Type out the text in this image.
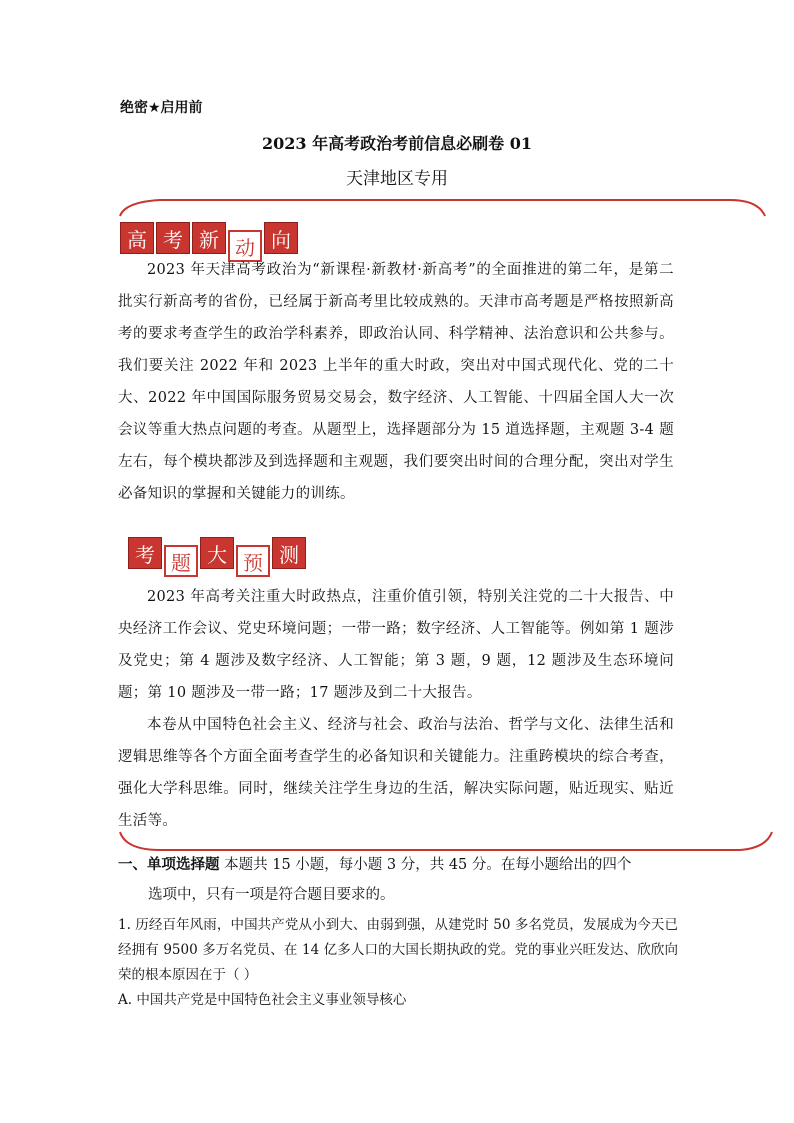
绝密★启用前
2023 年高考政治考前信息必刷卷 01
天津地区专用
高 考 新 动 向

2023 年天津高考政治为“新课程·新教材·新高考”的全面推进的第二年，是第二批实行新高考的省份，已经属于新高考里比较成熟的。天津市高考题是严格按照新高考的要求考查学生的政治学科素养，即政治认同、科学精神、法治意识和公共参与。我们要关注 2022 年和 2023 上半年的重大时政，突出对中国式现代化、党的二十大、2022 年中国国际服务贸易交易会，数字经济、人工智能、十四届全国人大一次会议等重大热点问题的考查。从题型上，选择题部分为 15 道选择题，主观题 3-4 题左右，每个模块都涉及到选择题和主观题，我们要突出时间的合理分配，突出对学生必备知识的掌握和关键能力的训练。

考 题 大 预 测

2023 年高考关注重大时政热点，注重价值引领，特别关注党的二十大报告、中央经济工作会议、党史环境问题；一带一路；数字经济、人工智能等。例如第 1 题涉及党史；第 4 题涉及数字经济、人工智能；第 3 题，9 题，12 题涉及生态环境问题；第 10 题涉及一带一路；17 题涉及到二十大报告。

本卷从中国特色社会主义、经济与社会、政治与法治、哲学与文化、法律生活和逻辑思维等各个方面全面考查学生的必备知识和关键能力。注重跨模块的综合考查，强化大学科思维。同时，继续关注学生身边的生活，解决实际问题，贴近现实、贴近生活等。

一、单项选择题 本题共 15 小题，每小题 3 分，共 45 分。在每小题给出的四个
选项中，只有一项是符合题目要求的。

1. 历经百年风雨，中国共产党从小到大、由弱到强，从建党时 50 多名党员，发展成为今天已经拥有 9500 多万名党员、在 14 亿多人口的大国长期执政的党。党的事业兴旺发达、欣欣向荣的根本原因在于（ ）

A. 中国共产党是中国特色社会主义事业领导核心
